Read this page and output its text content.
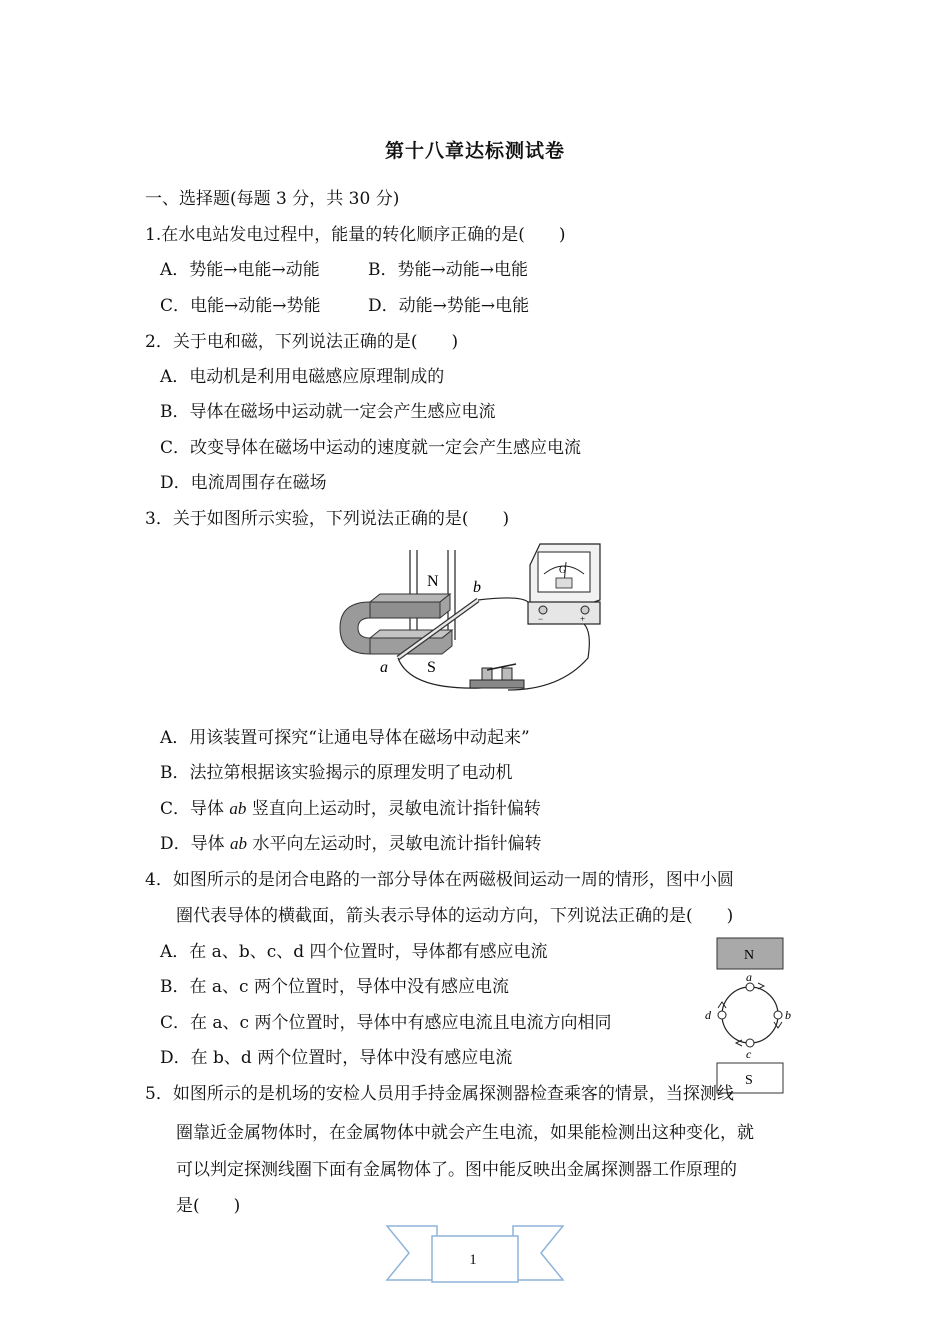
第十八章达标测试卷
一、选择题(每题 3 分，共 30 分)
1.在水电站发电过程中，能量的转化顺序正确的是(　　)
A．势能→电能→动能	B．势能→动能→电能
C．电能→动能→势能	D．动能→势能→电能
2．关于电和磁，下列说法正确的是(　　)
A．电动机是利用电磁感应原理制成的
B．导体在磁场中运动就一定会产生感应电流
C．改变导体在磁场中运动的速度就一定会产生感应电流
D．电流周围存在磁场
3．关于如图所示实验，下列说法正确的是(　　)
G
−	+
N
S
a
b
A．用该装置可探究“让通电导体在磁场中动起来”
B．法拉第根据该实验揭示的原理发明了电动机
C．导体 ab 竖直向上运动时，灵敏电流计指针偏转
D．导体 ab 水平向左运动时，灵敏电流计指针偏转
4．如图所示的是闭合电路的一部分导体在两磁极间运动一周的情形，图中小圆
圈代表导体的横截面，箭头表示导体的运动方向，下列说法正确的是(　　)
A．在 a、b、c、d 四个位置时，导体都有感应电流
B．在 a、c 两个位置时，导体中没有感应电流
C．在 a、c 两个位置时，导体中有感应电流且电流方向相同
D．在 b、d 两个位置时，导体中没有感应电流
N
a
b
c
d
S
5．如图所示的是机场的安检人员用手持金属探测器检查乘客的情景，当探测线
圈靠近金属物体时，在金属物体中就会产生电流，如果能检测出这种变化，就
可以判定探测线圈下面有金属物体了。图中能反映出金属探测器工作原理的
是(　　)
1
